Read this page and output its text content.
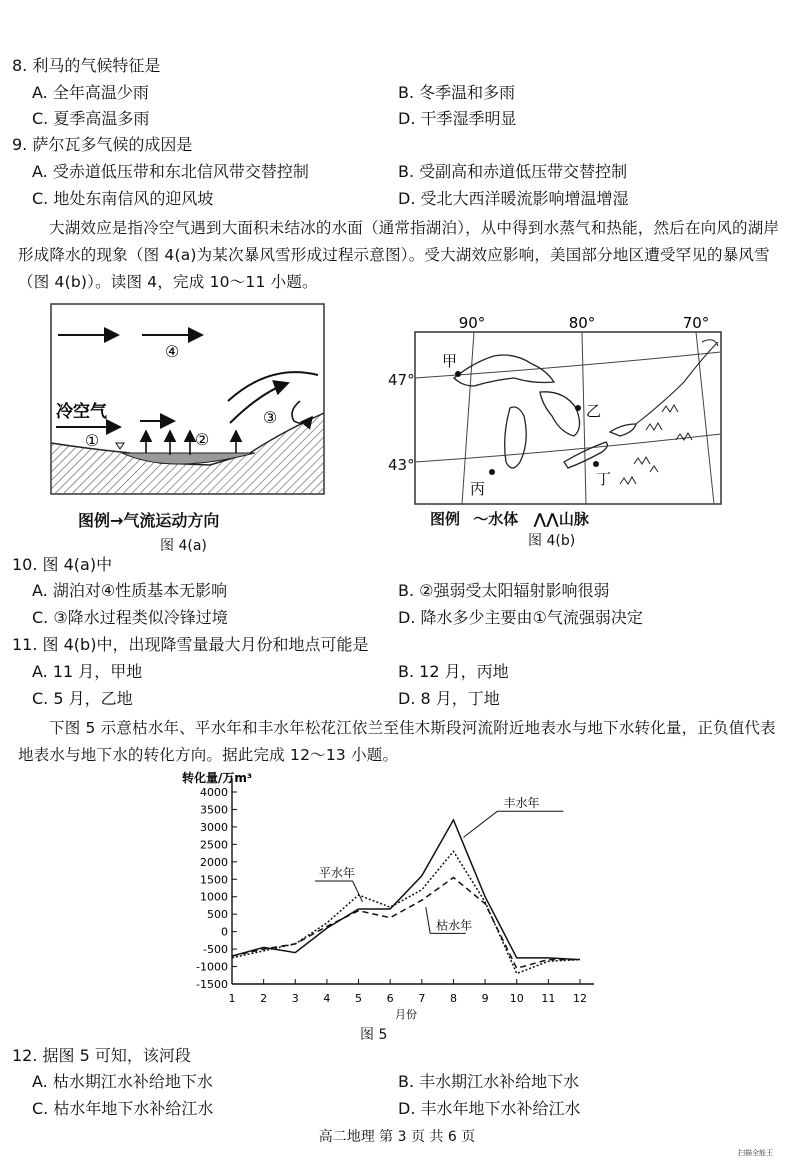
8. 利马的气候特征是
A. 全年高温少雨	B. 冬季温和多雨
C. 夏季高温多雨	D. 干季湿季明显
9. 萨尔瓦多气候的成因是
A. 受赤道低压带和东北信风带交替控制	B. 受副高和赤道低压带交替控制
C. 地处东南信风的迎风坡	D. 受北大西洋暖流影响增温增湿
大湖效应是指冷空气遇到大面积未结冰的水面（通常指湖泊），从中得到水蒸气和热能，然后在向风的湖岸形成降水的现象（图 4(a)为某次暴风雪形成过程示意图）。受大湖效应影响，美国部分地区遭受罕见的暴风雪（图 4(b)）。读图 4，完成 10～11 小题。
④
冷空气
①	②
③
图例→气流运动方向
图 4(a)
90°	80°	70°
甲
乙
丙
丁
47°
43°
图例 〜水体 ⋀⋀山脉
图 4(b)
10. 图 4(a)中
A. 湖泊对④性质基本无影响	B. ②强弱受太阳辐射影响很弱
C. ③降水过程类似冷锋过境	D. 降水多少主要由①气流强弱决定
11. 图 4(b)中，出现降雪量最大月份和地点可能是
A. 11 月，甲地	B. 12 月，丙地
C. 5 月，乙地	D. 8 月，丁地
下图 5 示意枯水年、平水年和丰水年松花江依兰至佳木斯段河流附近地表水与地下水转化量，正负值代表地表水与地下水的转化方向。据此完成 12～13 小题。
4000
3500
3000
2500
2000
1500
1000
500
0
-500
-1000
-1500
1 2 3 4 5 6 7 8 9 10 11 12
转化量/万m³
月份
丰水年
平水年
枯水年
图 5
12. 据图 5 可知，该河段
A. 枯水期江水补给地下水	B. 丰水期江水补给地下水
C. 枯水年地下水补给江水	D. 丰水年地下水补给江水
高二地理 第 3 页 共 6 页
扫描全能王
